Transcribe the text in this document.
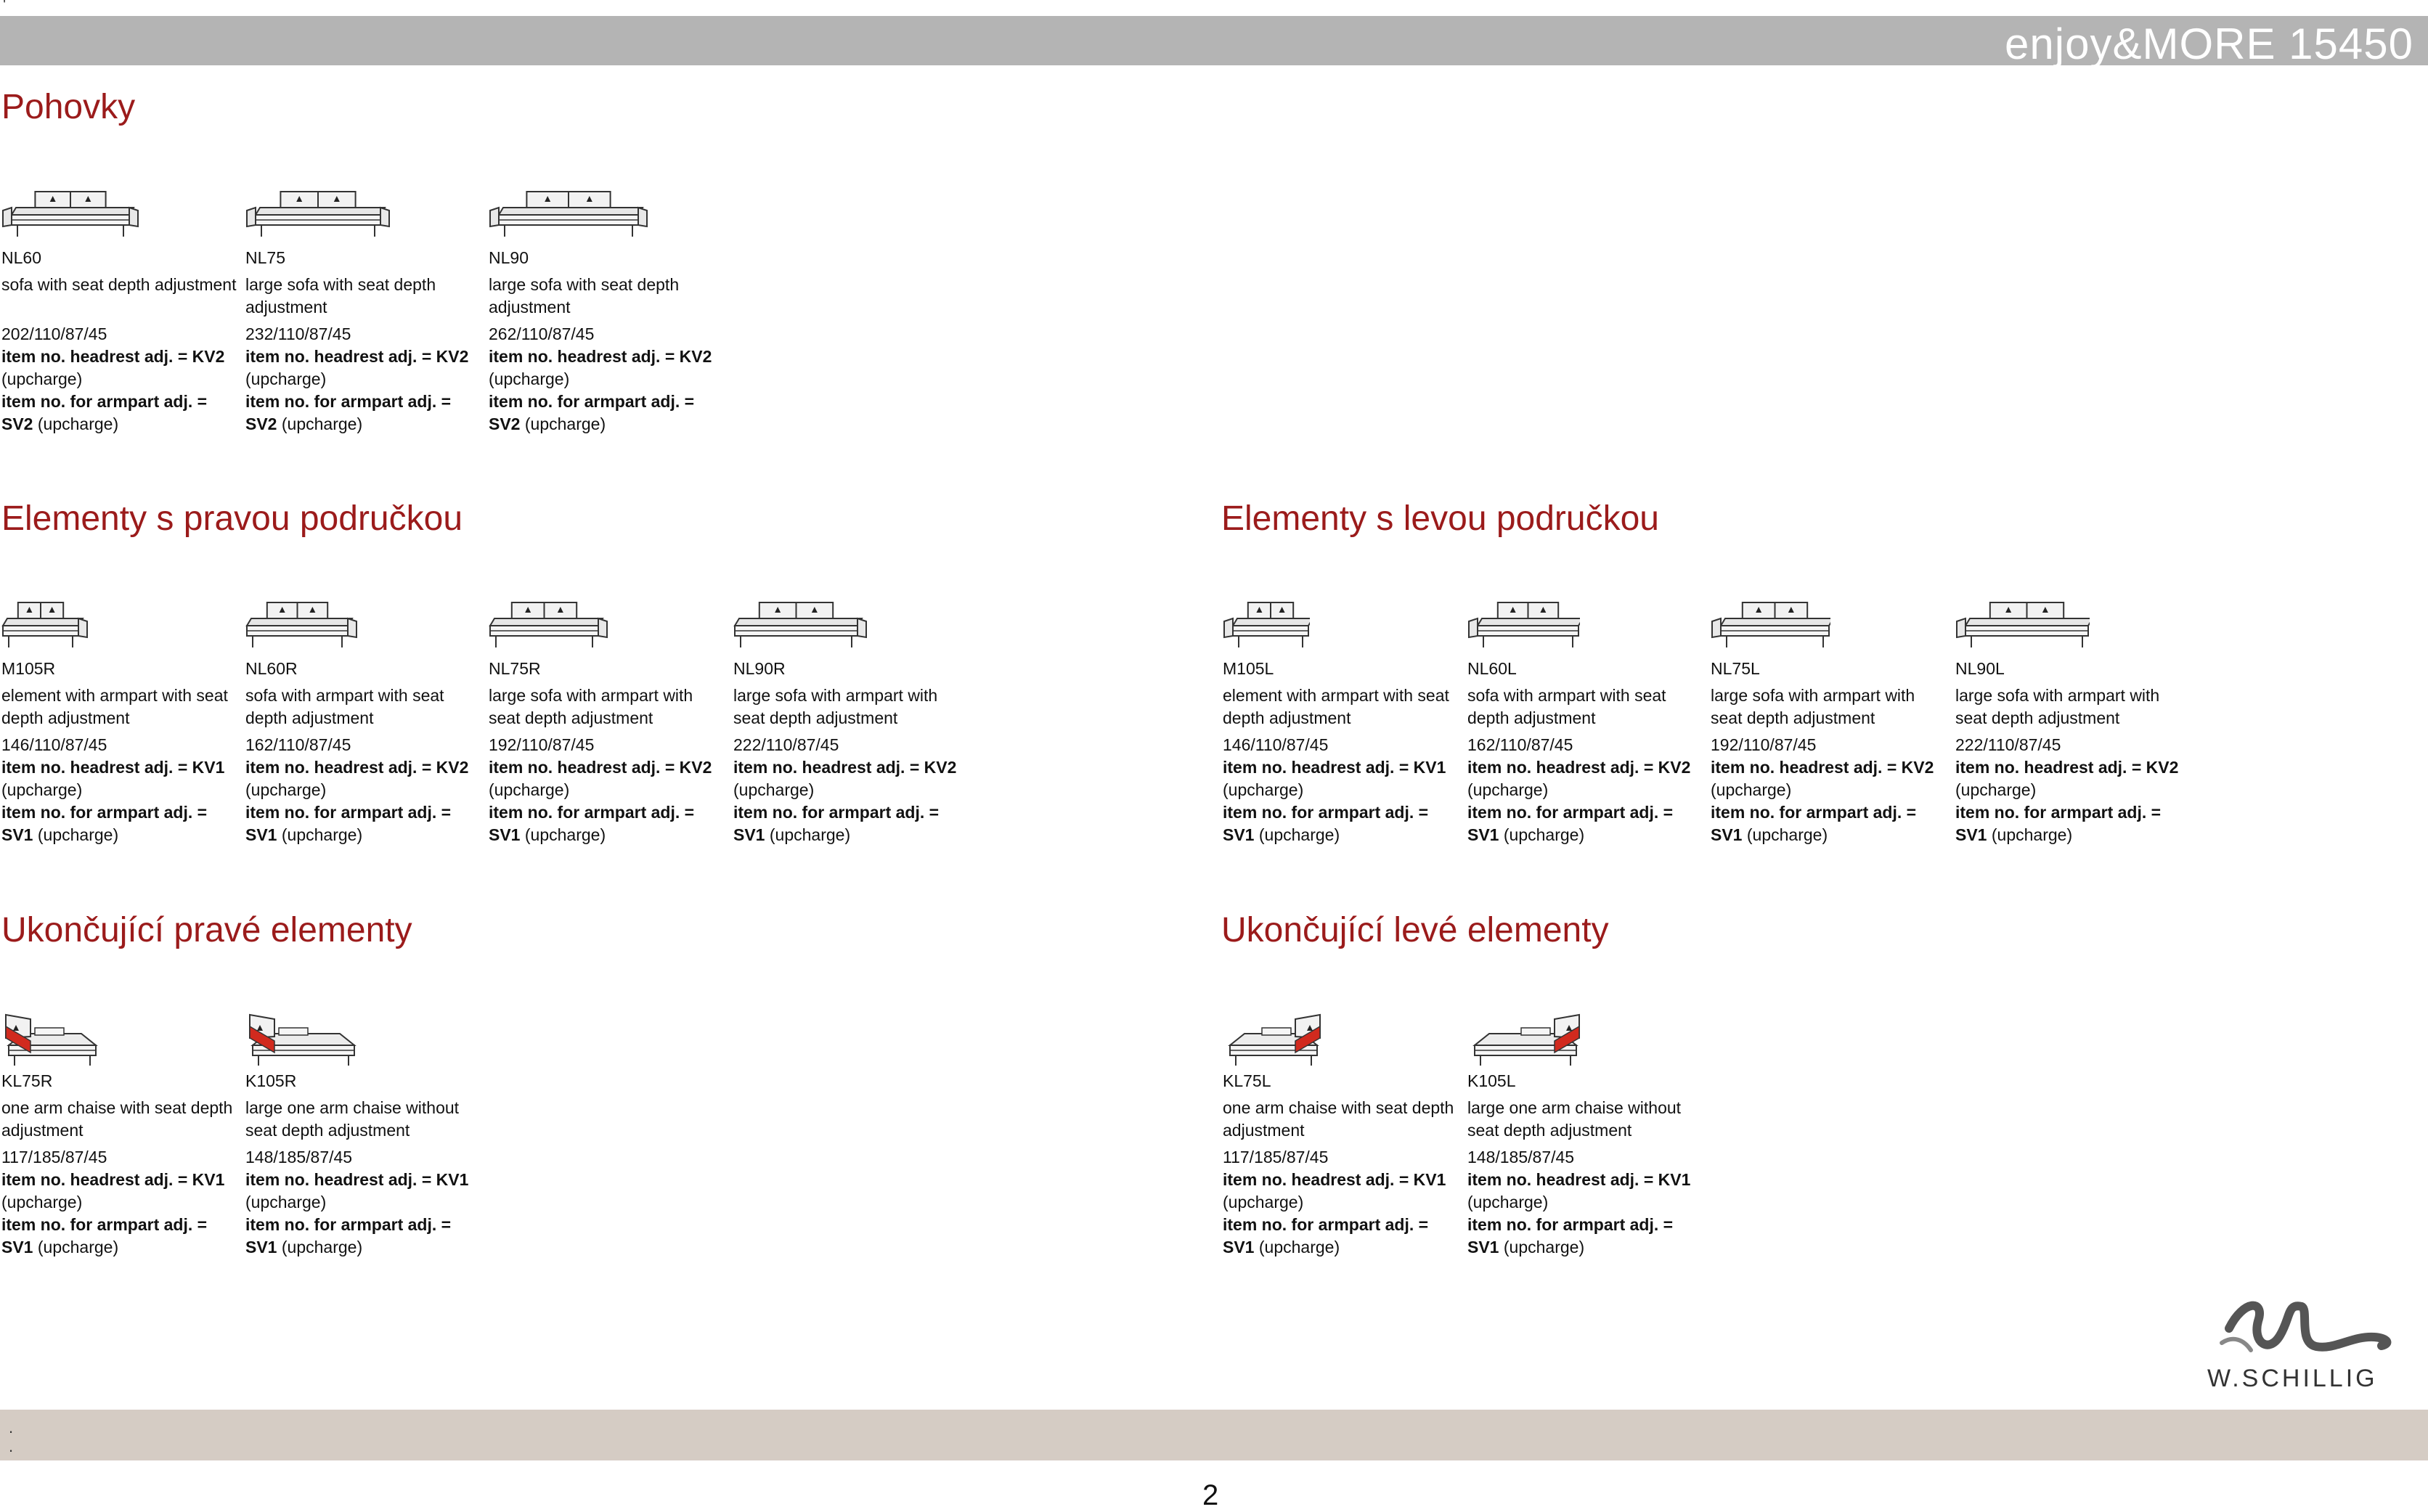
'
enjoy&MORE 15450
Pohovky
Elementy s pravou područkou	Elementy s levou područkou
Ukončující pravé elementy	Ukončující levé elementy
NL60
sofa with seat depth adjustment
202/110/87/45
item no. headrest adj. = KV2 (upcharge)
item no. for armpart adj. = SV2 (upcharge)
NL75
large sofa with seat depth adjustment
232/110/87/45
item no. headrest adj. = KV2 (upcharge)
item no. for armpart adj. = SV2 (upcharge)
NL90
large sofa with seat depth adjustment
262/110/87/45
item no. headrest adj. = KV2 (upcharge)
item no. for armpart adj. = SV2 (upcharge)
M105R
element with armpart with seat depth adjustment
146/110/87/45
item no. headrest adj. = KV1 (upcharge)
item no. for armpart adj. = SV1 (upcharge)
NL60R
sofa with armpart with seat depth adjustment
162/110/87/45
item no. headrest adj. = KV2 (upcharge)
item no. for armpart adj. = SV1 (upcharge)
NL75R
large sofa with armpart with seat depth adjustment
192/110/87/45
item no. headrest adj. = KV2 (upcharge)
item no. for armpart adj. = SV1 (upcharge)
NL90R
large sofa with armpart with seat depth adjustment
222/110/87/45
item no. headrest adj. = KV2 (upcharge)
item no. for armpart adj. = SV1 (upcharge)
M105L
element with armpart with seat depth adjustment
146/110/87/45
item no. headrest adj. = KV1 (upcharge)
item no. for armpart adj. = SV1 (upcharge)
NL60L
sofa with armpart with seat depth adjustment
162/110/87/45
item no. headrest adj. = KV2 (upcharge)
item no. for armpart adj. = SV1 (upcharge)
NL75L
large sofa with armpart with seat depth adjustment
192/110/87/45
item no. headrest adj. = KV2 (upcharge)
item no. for armpart adj. = SV1 (upcharge)
NL90L
large sofa with armpart with seat depth adjustment
222/110/87/45
item no. headrest adj. = KV2 (upcharge)
item no. for armpart adj. = SV1 (upcharge)
KL75R
one arm chaise with seat depth adjustment
117/185/87/45
item no. headrest adj. = KV1 (upcharge)
item no. for armpart adj. = SV1 (upcharge)
K105R
large one arm chaise without seat depth adjustment
148/185/87/45
item no. headrest adj. = KV1 (upcharge)
item no. for armpart adj. = SV1 (upcharge)
KL75L
one arm chaise with seat depth adjustment
117/185/87/45
item no. headrest adj. = KV1 (upcharge)
item no. for armpart adj. = SV1 (upcharge)
K105L
large one arm chaise without seat depth adjustment
148/185/87/45
item no. headrest adj. = KV1 (upcharge)
item no. for armpart adj. = SV1 (upcharge)
.
.
2
W.SCHILLIG
